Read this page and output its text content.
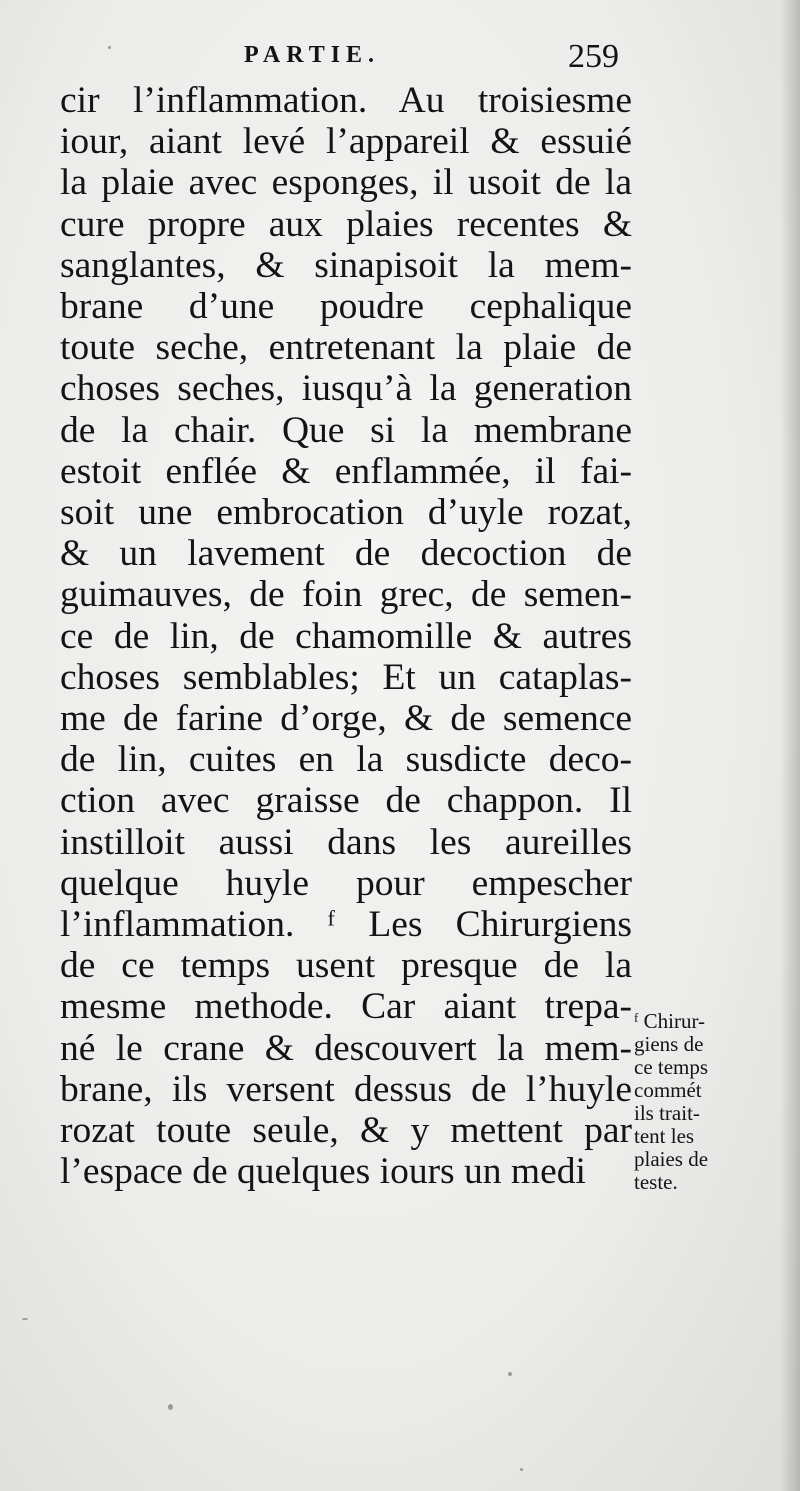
PARTIE.	259
cir l’inflammation. Au troisiesme
iour, aiant levé l’appareil & essuié
la plaie avec esponges, il usoit de la
cure propre aux plaies recentes &
sanglantes, & sinapisoit la mem-
brane d’une poudre cephalique
toute seche, entretenant la plaie de
choses seches, iusqu’à la generation
de la chair. Que si la membrane
estoit enflée & enflammée, il fai-
soit une embrocation d’uyle rozat,
& un lavement de decoction de
guimauves, de foin grec, de semen-
ce de lin, de chamomille & autres
choses semblables; Et un cataplas-
me de farine d’orge, & de semence
de lin, cuites en la susdicte deco-
ction avec graisse de chappon. Il
instilloit aussi dans les aureilles
quelque huyle pour empescher
l’inflammation. ᶠ Les Chirurgiens
de ce temps usent presque de la
mesme methode. Car aiant trepa-
né le crane & descouvert la mem-
brane, ils versent dessus de l’huyle
rozat toute seule, & y mettent par
l’espace de quelques iours un medi
ᶠ Chirur-
giens de
ce temps
commét
ils trait-
tent les
plaies de
teste.
